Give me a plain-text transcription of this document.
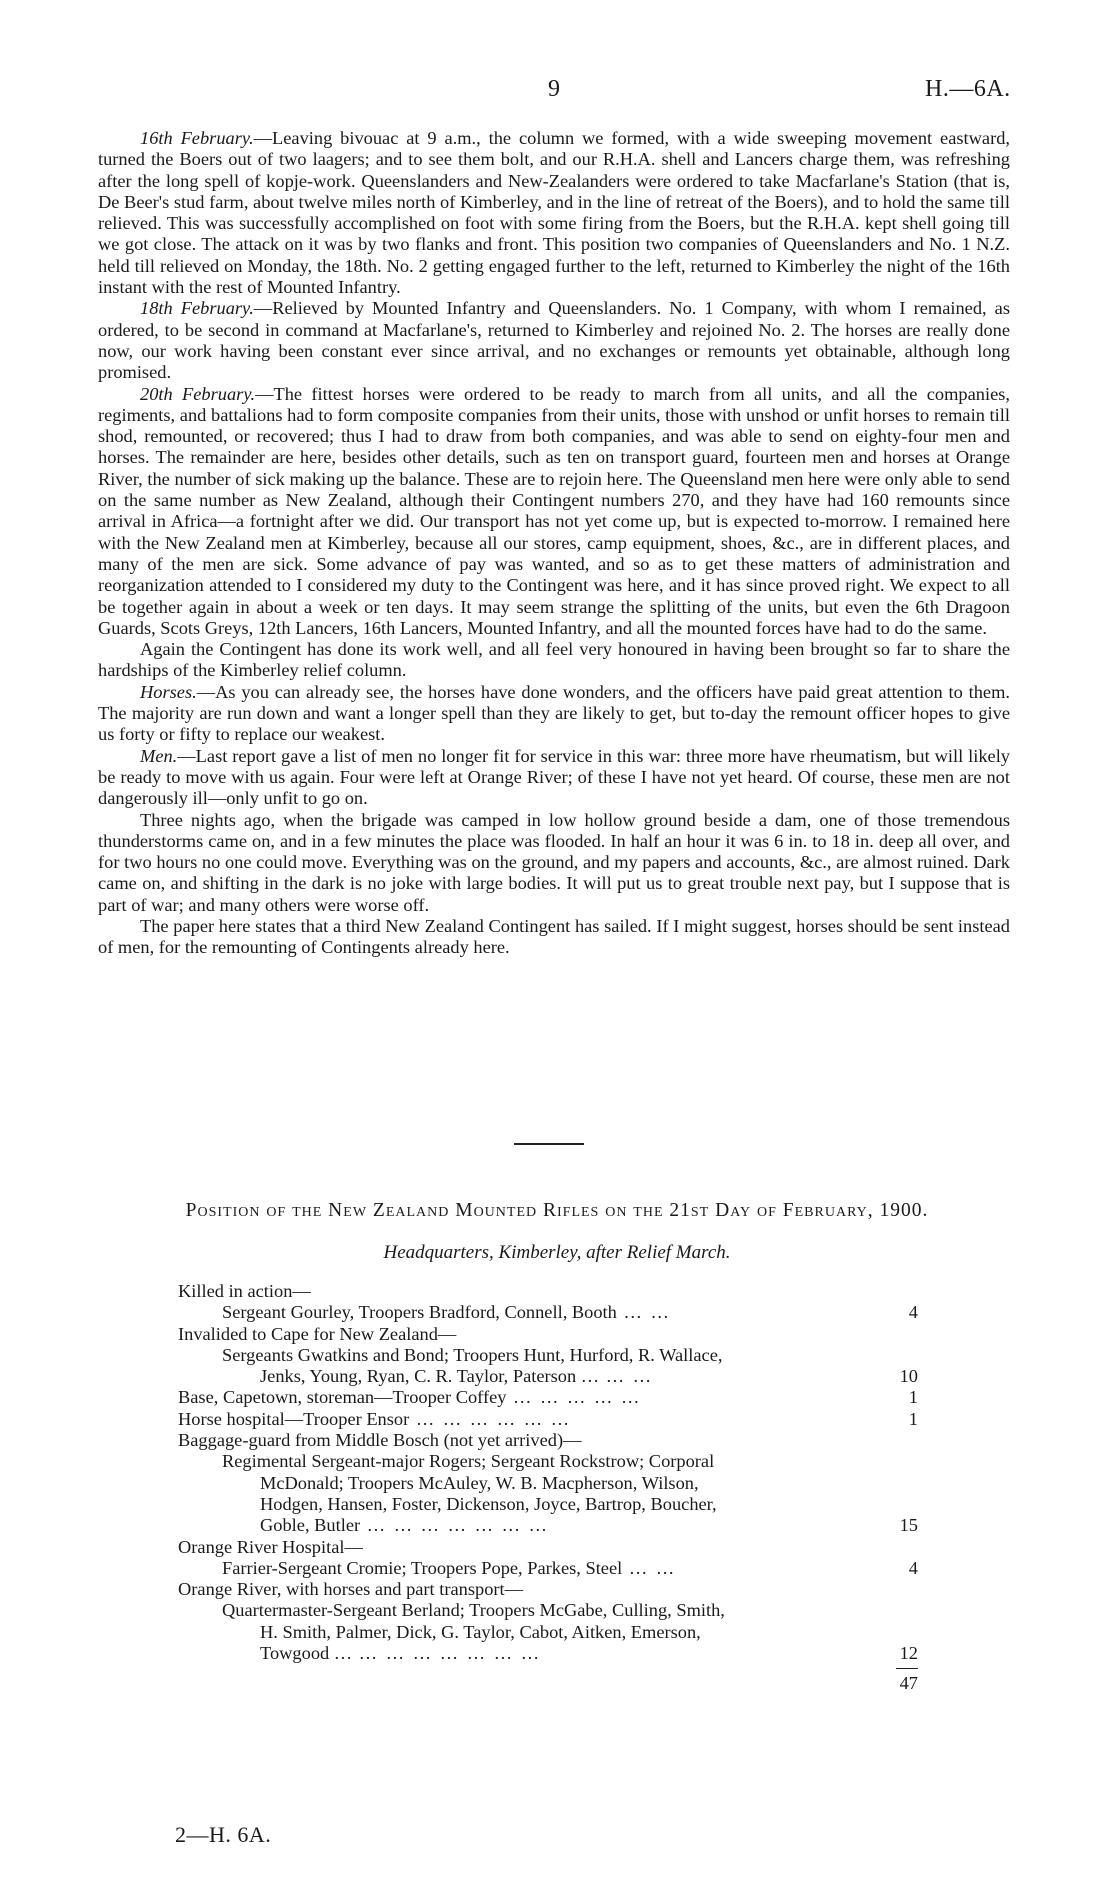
9	H.—6A.

16th February.—Leaving bivouac at 9 a.m., the column we formed, with a wide sweeping movement eastward, turned the Boers out of two laagers; and to see them bolt, and our R.H.A. shell and Lancers charge them, was refreshing after the long spell of kopje-work. Queenslanders and New-Zealanders were ordered to take Macfarlane's Station (that is, De Beer's stud farm, about twelve miles north of Kimberley, and in the line of retreat of the Boers), and to hold the same till relieved. This was successfully accomplished on foot with some firing from the Boers, but the R.H.A. kept shell going till we got close. The attack on it was by two flanks and front. This position two companies of Queenslanders and No. 1 N.Z. held till relieved on Monday, the 18th. No. 2 getting engaged further to the left, returned to Kimberley the night of the 16th instant with the rest of Mounted Infantry.

18th February.—Relieved by Mounted Infantry and Queenslanders. No. 1 Company, with whom I remained, as ordered, to be second in command at Macfarlane's, returned to Kimberley and rejoined No. 2. The horses are really done now, our work having been constant ever since arrival, and no exchanges or remounts yet obtainable, although long promised.

20th February.—The fittest horses were ordered to be ready to march from all units, and all the companies, regiments, and battalions had to form composite companies from their units, those with unshod or unfit horses to remain till shod, remounted, or recovered; thus I had to draw from both companies, and was able to send on eighty-four men and horses. The remainder are here, besides other details, such as ten on transport guard, fourteen men and horses at Orange River, the number of sick making up the balance. These are to rejoin here. The Queensland men here were only able to send on the same number as New Zealand, although their Contingent numbers 270, and they have had 160 remounts since arrival in Africa—a fortnight after we did. Our transport has not yet come up, but is expected to-morrow. I remained here with the New Zealand men at Kimberley, because all our stores, camp equipment, shoes, &c., are in different places, and many of the men are sick. Some advance of pay was wanted, and so as to get these matters of administration and reorganization attended to I considered my duty to the Contingent was here, and it has since proved right. We expect to all be together again in about a week or ten days. It may seem strange the splitting of the units, but even the 6th Dragoon Guards, Scots Greys, 12th Lancers, 16th Lancers, Mounted Infantry, and all the mounted forces have had to do the same.

Again the Contingent has done its work well, and all feel very honoured in having been brought so far to share the hardships of the Kimberley relief column.

Horses.—As you can already see, the horses have done wonders, and the officers have paid great attention to them. The majority are run down and want a longer spell than they are likely to get, but to-day the remount officer hopes to give us forty or fifty to replace our weakest.

Men.—Last report gave a list of men no longer fit for service in this war: three more have rheumatism, but will likely be ready to move with us again. Four were left at Orange River; of these I have not yet heard. Of course, these men are not dangerously ill—only unfit to go on.

Three nights ago, when the brigade was camped in low hollow ground beside a dam, one of those tremendous thunderstorms came on, and in a few minutes the place was flooded. In half an hour it was 6 in. to 18 in. deep all over, and for two hours no one could move. Everything was on the ground, and my papers and accounts, &c., are almost ruined. Dark came on, and shifting in the dark is no joke with large bodies. It will put us to great trouble next pay, but I suppose that is part of war; and many others were worse off.

The paper here states that a third New Zealand Contingent has sailed. If I might suggest, horses should be sent instead of men, for the remounting of Contingents already here.

Position of the New Zealand Mounted Rifles on the 21st Day of February, 1900.
Headquarters, Kimberley, after Relief March.
Killed in action—
Sergeant Gourley, Troopers Bradford, Connell, Booth … …	4
Invalided to Cape for New Zealand—
Sergeants Gwatkins and Bond; Troopers Hunt, Hurford, R. Wallace,
Jenks, Young, Ryan, C. R. Taylor, Paterson … … …	10
Base, Capetown, storeman—Trooper Coffey … … … … …	1
Horse hospital—Trooper Ensor … … … … … …	1
Baggage-guard from Middle Bosch (not yet arrived)—
Regimental Sergeant-major Rogers; Sergeant Rockstrow; Corporal
McDonald; Troopers McAuley, W. B. Macpherson, Wilson,
Hodgen, Hansen, Foster, Dickenson, Joyce, Bartrop, Boucher,
Goble, Butler … … … … … … …	15
Orange River Hospital—
Farrier-Sergeant Cromie; Troopers Pope, Parkes, Steel … …	4
Orange River, with horses and part transport—
Quartermaster-Sergeant Berland; Troopers McGabe, Culling, Smith,
H. Smith, Palmer, Dick, G. Taylor, Cabot, Aitken, Emerson,
Towgood … … … … … … … …	12
47
2—H. 6A.
